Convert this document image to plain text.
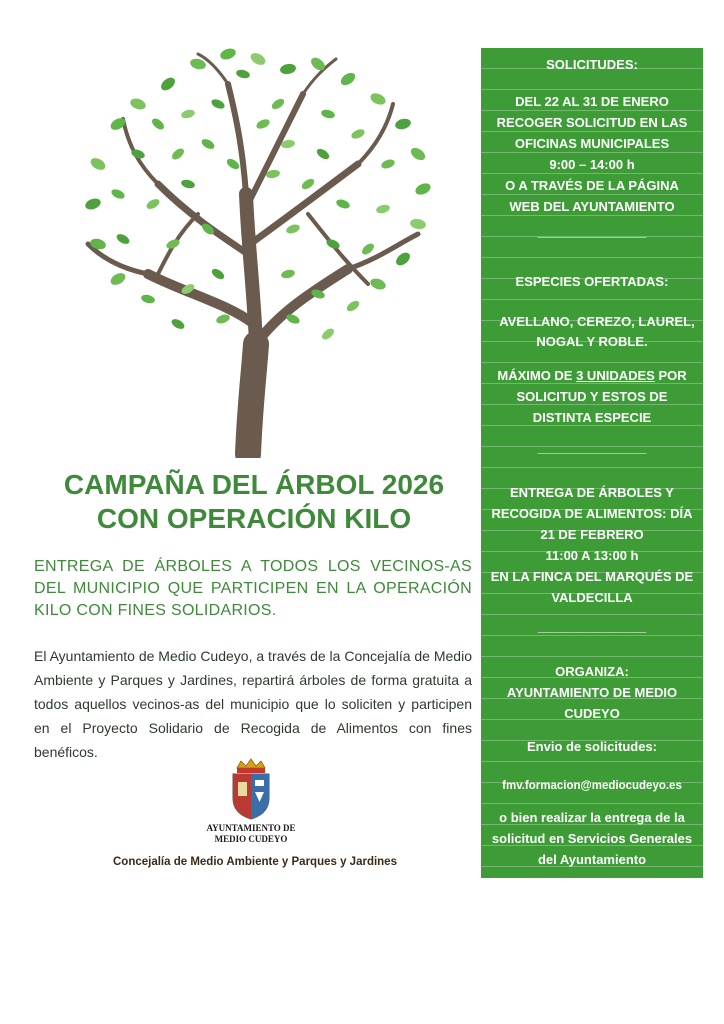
CAMPAÑA DEL ÁRBOL 2026
CON OPERACIÓN KILO

ENTREGA DE ÁRBOLES A TODOS LOS VECINOS-AS DEL MUNICIPIO QUE PARTICIPEN EN LA OPERACIÓN KILO CON FINES SOLIDARIOS.

El Ayuntamiento de Medio Cudeyo, a través de la Concejalía de Medio Ambiente y Parques y Jardines, repartirá árboles de forma gratuita a todos aquellos vecinos-as del municipio que lo soliciten y participen en el Proyecto Solidario de Recogida de Alimentos con fines benéficos.

AYUNTAMIENTO DE
MEDIO CUDEYO
Concejalía de Medio Ambiente y Parques y Jardines

SOLICITUDES:

DEL 22 AL 31 DE ENERO

RECOGER SOLICITUD EN LAS

OFICINAS MUNICIPALES

9:00 – 14:00 h

O A TRAVÉS DE LA PÁGINA

WEB DEL AYUNTAMIENTO

_______________

ESPECIES OFERTADAS:

AVELLANO, CEREZO, LAUREL,

NOGAL Y ROBLE.

MÁXIMO DE 3 UNIDADES POR

SOLICITUD Y ESTOS DE

DISTINTA ESPECIE

_______________

ENTREGA DE ÁRBOLES Y

RECOGIDA DE ALIMENTOS: DÍA

21 DE FEBRERO

11:00 A 13:00 h

EN LA FINCA DEL MARQUÉS DE

VALDECILLA

_______________

ORGANIZA:

AYUNTAMIENTO DE MEDIO

CUDEYO

Envio de solicitudes:

fmv.formacion@mediocudeyo.es

o bien realizar la entrega de la

solicitud en Servicios Generales

del Ayuntamiento
